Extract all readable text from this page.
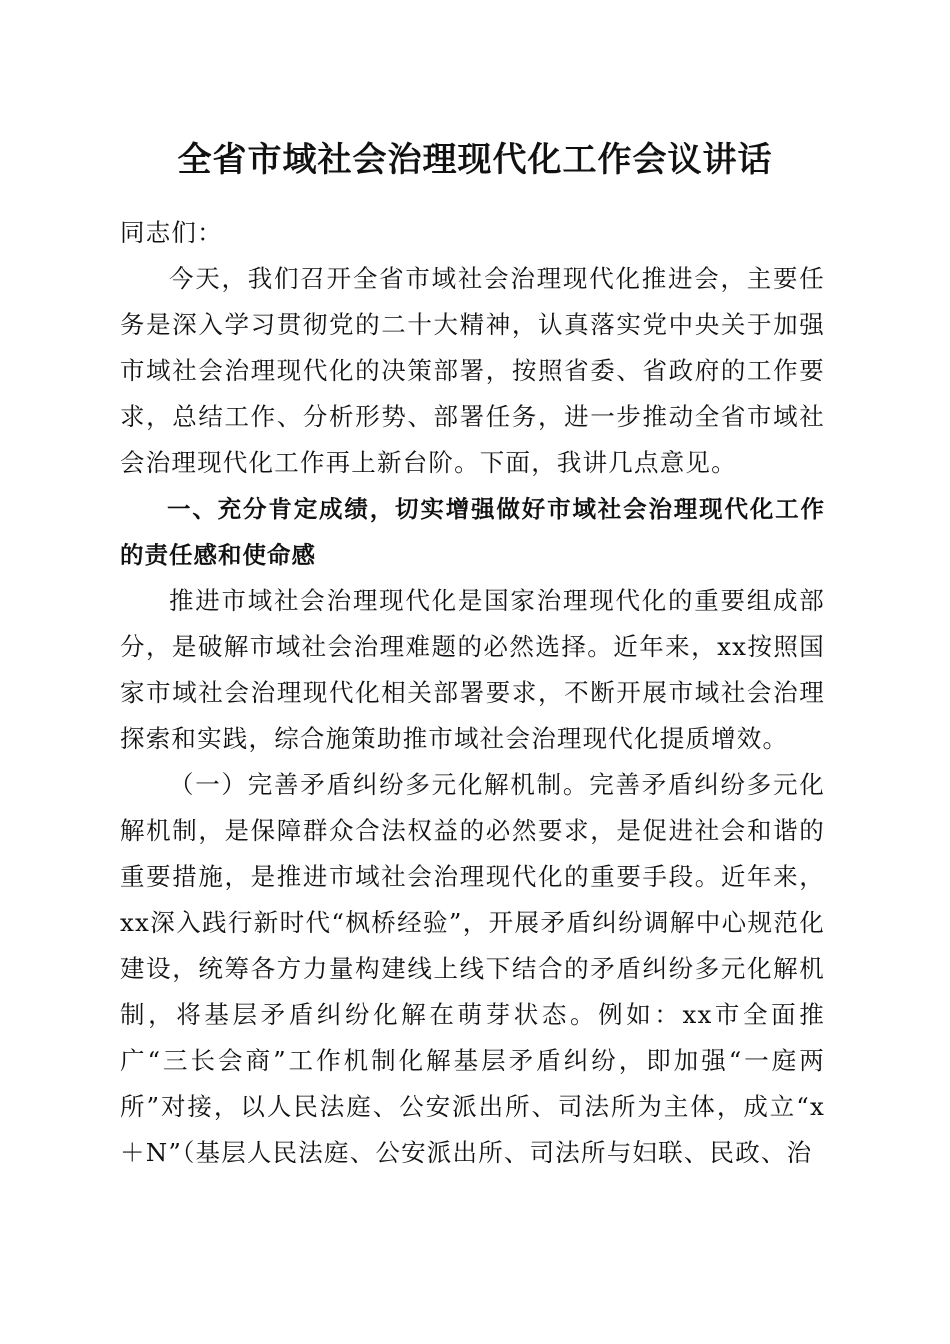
全省市域社会治理现代化工作会议讲话

同志们：

今天，我们召开全省市域社会治理现代化推进会，主要任务是深入学习贯彻党的二十大精神，认真落实党中央关于加强市域社会治理现代化的决策部署，按照省委、省政府的工作要求，总结工作、分析形势、部署任务，进一步推动全省市域社会治理现代化工作再上新台阶。下面，我讲几点意见。

一、充分肯定成绩，切实增强做好市域社会治理现代化工作的责任感和使命感

推进市域社会治理现代化是国家治理现代化的重要组成部分，是破解市域社会治理难题的必然选择。近年来，xx按照国家市域社会治理现代化相关部署要求，不断开展市域社会治理探索和实践，综合施策助推市域社会治理现代化提质增效。

（一）完善矛盾纠纷多元化解机制。完善矛盾纠纷多元化解机制，是保障群众合法权益的必然要求，是促进社会和谐的重要措施，是推进市域社会治理现代化的重要手段。近年来，xx深入践行新时代“枫桥经验”，开展矛盾纠纷调解中心规范化建设，统筹各方力量构建线上线下结合的矛盾纠纷多元化解机制，将基层矛盾纠纷化解在萌芽状态。例如：xx市全面推广“三长会商”工作机制化解基层矛盾纠纷，即加强“一庭两所”对接，以人民法庭、公安派出所、司法所为主体，成立“x＋N”（基层人民法庭、公安派出所、司法所与妇联、民政、治
